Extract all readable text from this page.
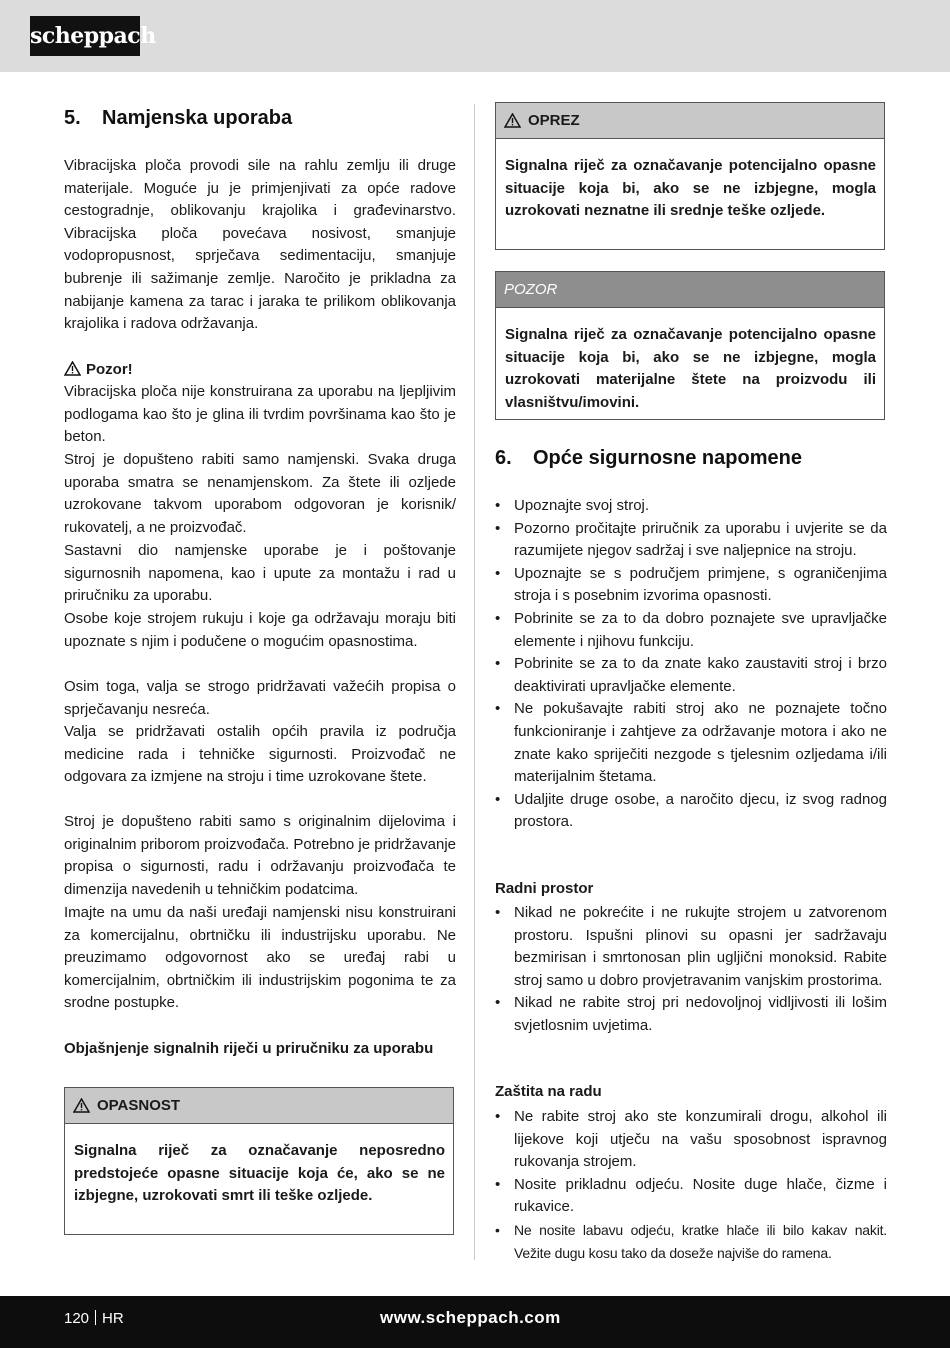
scheppach
5. Namjenska uporaba

Vibracijska ploča provodi sile na rahlu zemlju ili druge materijale. Moguće ju je primjenjivati za opće radove cestogradnje, oblikovanju krajolika i građevinarstvo. Vibracijska ploča povećava nosivost, smanjuje vodopropusnost, sprječava sedimentaciju, smanjuje bubrenje ili sažimanje zemlje. Naročito je prikladna za nabijanje kamena za tarac i jaraka te prilikom oblikovanja krajolika i radova održavanja.

Pozor!

Vibracijska ploča nije konstruirana za uporabu na ljepljivim podlogama kao što je glina ili tvrdim površinama kao što je beton.

Stroj je dopušteno rabiti samo namjenski. Svaka druga uporaba smatra se nenamjenskom. Za štete ili ozljede uzrokovane takvom uporabom odgovoran je korisnik/ rukovatelj, a ne proizvođač.

Sastavni dio namjenske uporabe je i poštovanje sigurnosnih napomena, kao i upute za montažu i rad u priručniku za uporabu.

Osobe koje strojem rukuju i koje ga održavaju moraju biti upoznate s njim i podučene o mogućim opasnostima.

Osim toga, valja se strogo pridržavati važećih propisa o sprječavanju nesreća.

Valja se pridržavati ostalih općih pravila iz područja medicine rada i tehničke sigurnosti. Proizvođač ne odgovara za izmjene na stroju i time uzrokovane štete.

Stroj je dopušteno rabiti samo s originalnim dijelovima i originalnim priborom proizvođača. Potrebno je pridržavanje propisa o sigurnosti, radu i održavanju proizvođača te dimenzija navedenih u tehničkim podatcima.

Imajte na umu da naši uređaji namjenski nisu konstruirani za komercijalnu, obrtničku ili industrijsku uporabu. Ne preuzimamo odgovornost ako se uređaj rabi u komercijalnim, obrtničkim ili industrijskim pogonima te za srodne postupke.

Objašnjenje signalnih riječi u priručniku za uporabu
OPASNOST
Signalna riječ za označavanje neposredno predstojeće opasne situacije koja će, ako se ne izbjegne, uzrokovati smrt ili teške ozljede.
OPREZ
Signalna riječ za označavanje potencijalno opasne situacije koja bi, ako se ne izbjegne, mogla uzrokovati neznatne ili srednje teške ozljede.
POZOR
Signalna riječ za označavanje potencijalno opasne situacije koja bi, ako se ne izbjegne, mogla uzrokovati materijalne štete na proizvodu ili vlasništvu/imovini.
6. Opće sigurnosne napomene
• Upoznajte svoj stroj.
• Pozorno pročitajte priručnik za uporabu i uvjerite se da razumijete njegov sadržaj i sve naljepnice na stroju.
• Upoznajte se s područjem primjene, s ograničenjima stroja i s posebnim izvorima opasnosti.
• Pobrinite se za to da dobro poznajete sve upravljačke elemente i njihovu funkciju.
• Pobrinite se za to da znate kako zaustaviti stroj i brzo deaktivirati upravljačke elemente.
• Ne pokušavajte rabiti stroj ako ne poznajete točno funkcioniranje i zahtjeve za održavanje motora i ako ne znate kako spriječiti nezgode s tjelesnim ozljedama i/ili materijalnim štetama.
• Udaljite druge osobe, a naročito djecu, iz svog radnog prostora.
Radni prostor
• Nikad ne pokrećite i ne rukujte strojem u zatvorenom prostoru. Ispušni plinovi su opasni jer sadržavaju bezmirisan i smrtonosan plin ugljični monoksid. Rabite stroj samo u dobro provjetravanim vanjskim prostorima.
• Nikad ne rabite stroj pri nedovoljnoj vidljivosti ili lošim svjetlosnim uvjetima.
Zaštita na radu
• Ne rabite stroj ako ste konzumirali drogu, alkohol ili lijekove koji utječu na vašu sposobnost ispravnog rukovanja strojem.
• Nosite prikladnu odjeću. Nosite duge hlače, čizme i rukavice.
• Ne nosite labavu odjeću, kratke hlače ili bilo kakav nakit. Vežite dugu kosu tako da doseže najviše do ramena.
120 HR	www.scheppach.com
